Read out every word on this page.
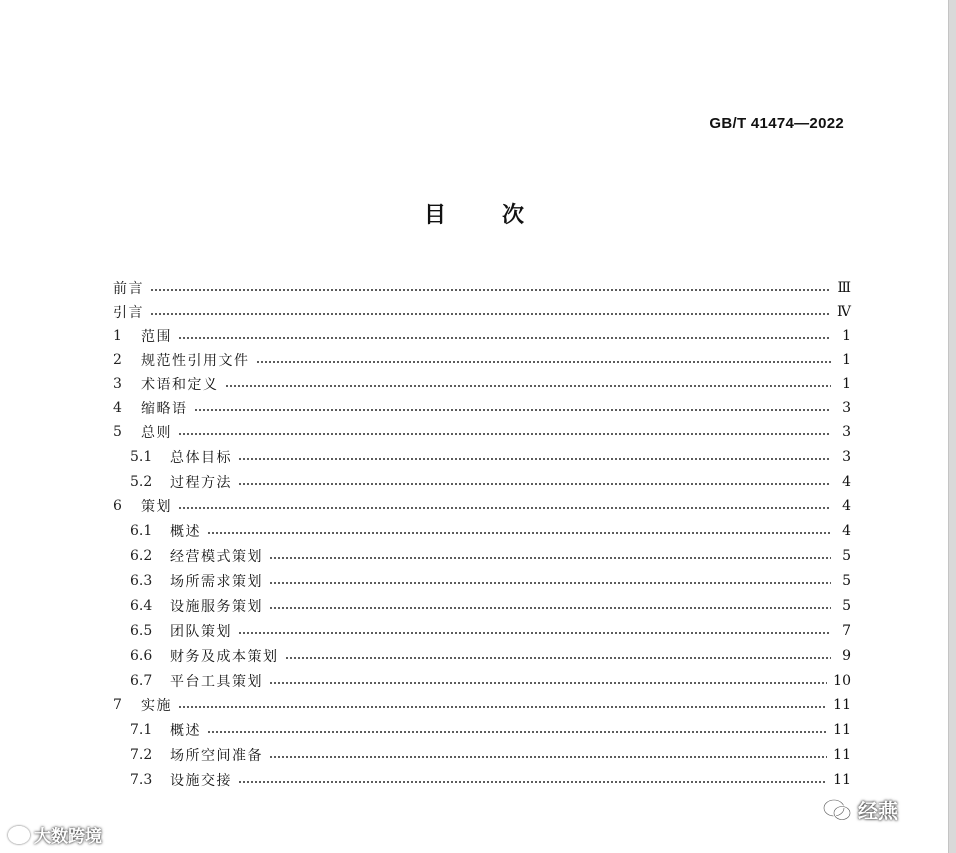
GB/T 41474—2022
目	次
前言	Ⅲ
引言	Ⅳ
1	范围	1
2	规范性引用文件	1
3	术语和定义	1
4	缩略语	3
5	总则	3
5.1	总体目标	3
5.2	过程方法	4
6	策划	4
6.1	概述	4
6.2	经营模式策划	5
6.3	场所需求策划	5
6.4	设施服务策划	5
6.5	团队策划	7
6.6	财务及成本策划	9
6.7	平台工具策划	10
7	实施	11
7.1	概述	11
7.2	场所空间准备	11
7.3	设施交接	11
大数跨境
经燕
